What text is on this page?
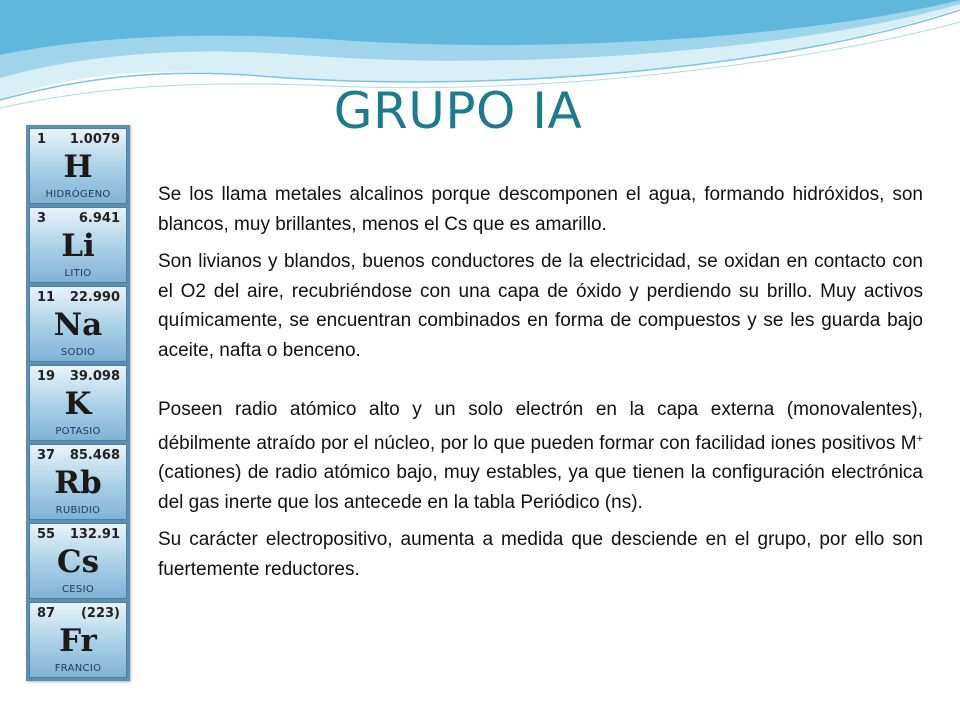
GRUPO IA
1 1.0079
H
HIDRÓGENO
3	6.941
Li
LITIO
11 22.990
Na
SODIO
19 39.098
K
POTASIO
37 85.468
Rb
RUBIDIO
55 132.91
Cs
CESIO
87 (223)
Fr
FRANCIO

Se los llama metales alcalinos porque descomponen el agua, formando hidróxidos, son blancos, muy brillantes, menos el Cs que es amarillo.

Son livianos y blandos, buenos conductores de la electricidad, se oxidan en contacto con el O2 del aire, recubriéndose con una capa de óxido y perdiendo su brillo. Muy activos químicamente, se encuentran combinados en forma de compuestos y se les guarda bajo aceite, nafta o benceno.

Poseen radio atómico alto y un solo electrón en la capa externa (monovalentes), débilmente atraído por el núcleo, por lo que pueden formar con facilidad iones positivos M+ (cationes) de radio atómico bajo, muy estables, ya que tienen la configuración electrónica del gas inerte que los antecede en la tabla Periódico (ns).

Su carácter electropositivo, aumenta a medida que desciende en el grupo, por ello son fuertemente reductores.
